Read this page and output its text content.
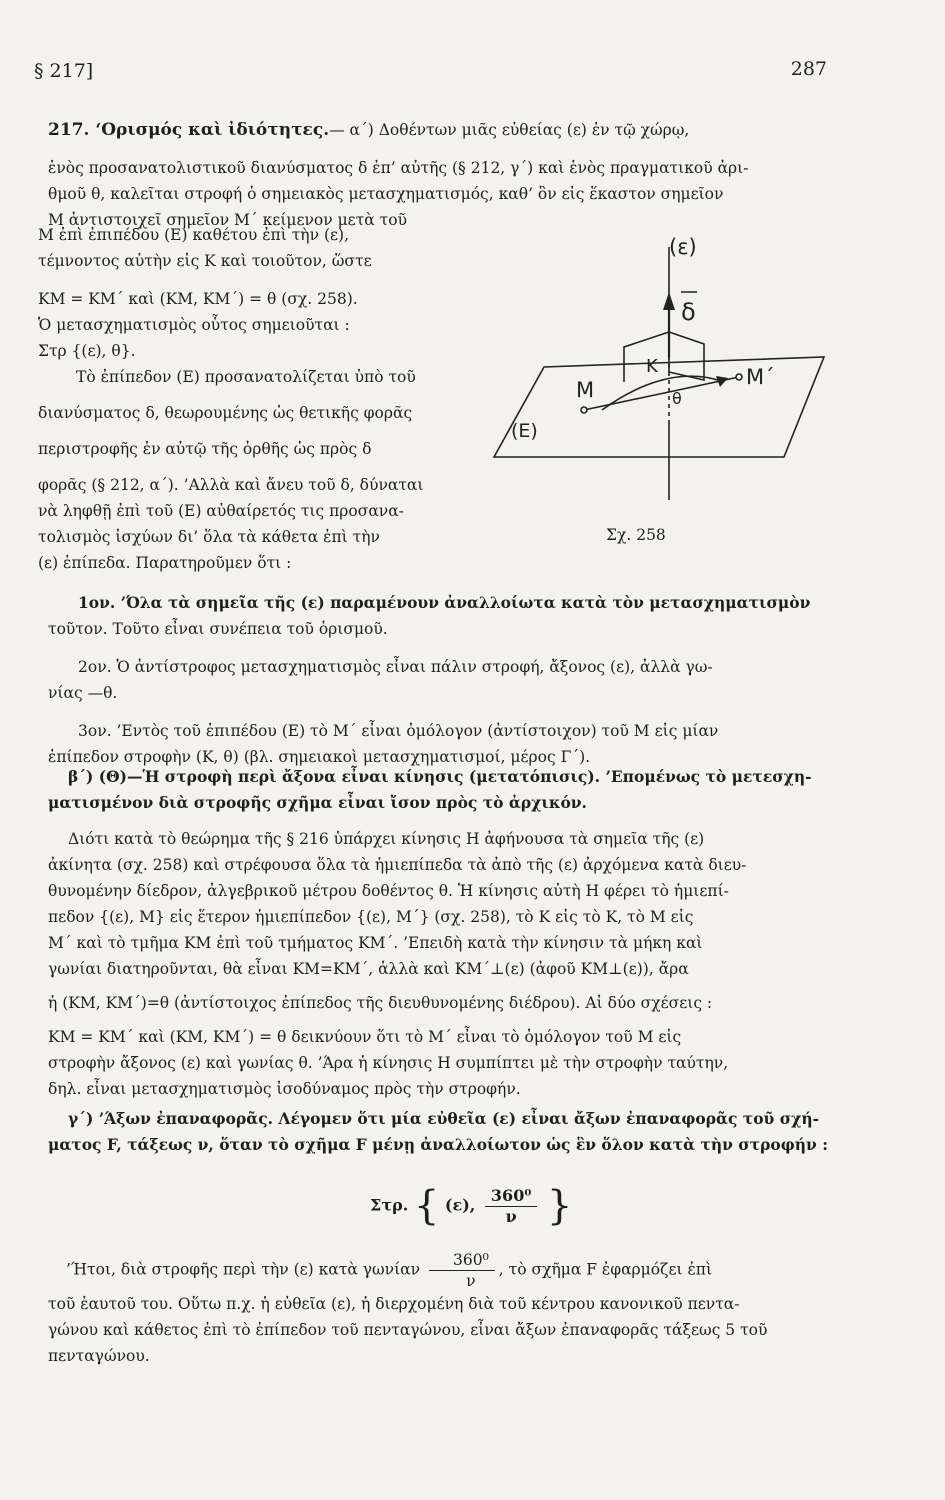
§ 217]	287

217. ‘Ορισμός καὶ ἰδιότητες.— α΄) Δοθέντων μιᾶς εὐθείας (ε) ἐν τῷ χώρῳ,

ἑνὸς προσανατολιστικοῦ διανύσματος δ ἐπ’ αὐτῆς (§ 212, γ΄) καὶ ἑνὸς πραγματικοῦ ἀρι-

θμοῦ θ, καλεῖται στροφή ὁ σημειακὸς μετασχηματισμός, καθ’ ὃν εἰς ἕκαστον σημεῖον

Μ ἀντιστοιχεῖ σημεῖον Μ΄ κείμενον μετὰ τοῦ

Μ ἐπὶ ἐπιπέδου (Ε) καθέτου ἐπὶ τὴν (ε),

τέμνοντος αὐτὴν εἰς Κ καὶ τοιοῦτον, ὥστε

ΚΜ = ΚΜ΄ καὶ (ΚΜ, ΚΜ΄) = θ (σχ. 258).

Ὁ μετασχηματισμὸς οὗτος σημειοῦται :

Στρ {(ε), θ}.

Τὸ ἐπίπεδον (Ε) προσανατολίζεται ὑπὸ τοῦ

διανύσματος δ, θεωρουμένης ὡς θετικῆς φορᾶς

περιστροφῆς ἐν αὐτῷ τῆς ὀρθῆς ὡς πρὸς δ

φορᾶς (§ 212, α΄). ’Αλλὰ καὶ ἄνευ τοῦ δ, δύναται

νὰ ληφθῇ ἐπὶ τοῦ (Ε) αὐθαίρετός τις προσανα-

τολισμὸς ἰσχύων δι’ ὅλα τὰ κάθετα ἐπὶ τὴν

(ε) ἐπίπεδα. Παρατηροῦμεν ὅτι :

(ε)
δ
(Ε)
Κ
Μ
Μ΄
θ
Σχ. 258

1ον. ’Όλα τὰ σημεῖα τῆς (ε) παραμένουν ἀναλλοίωτα κατὰ τὸν μετασχηματισμὸν

τοῦτον. Τοῦτο εἶναι συνέπεια τοῦ ὁρισμοῦ.

2ον. Ὁ ἀντίστροφος μετασχηματισμὸς εἶναι πάλιν στροφή, ἄξονος (ε), ἀλλὰ γω-

νίας —θ.

3ον. ’Εντὸς τοῦ ἐπιπέδου (Ε) τὸ Μ΄ εἶναι ὁμόλογον (ἀντίστοιχον) τοῦ Μ εἰς μίαν

ἐπίπεδον στροφὴν (Κ, θ) (βλ. σημειακοὶ μετασχηματισμοί, μέρος Γ΄).

β΄) (Θ)—Ἡ στροφὴ περὶ ἄξονα εἶναι κίνησις (μετατόπισις). ’Επομένως τὸ μετεσχη-

ματισμένον διὰ στροφῆς σχῆμα εἶναι ἴσον πρὸς τὸ ἀρχικόν.

Διότι κατὰ τὸ θεώρημα τῆς § 216 ὑπάρχει κίνησις Η ἀφήνουσα τὰ σημεῖα τῆς (ε)

ἀκίνητα (σχ. 258) καὶ στρέφουσα ὅλα τὰ ἡμιεπίπεδα τὰ ἀπὸ τῆς (ε) ἀρχόμενα κατὰ διευ-

θυνομένην δίεδρον, ἀλγεβρικοῦ μέτρου δοθέντος θ. Ἡ κίνησις αὐτὴ Η φέρει τὸ ἡμιεπί-

πεδον {(ε), Μ} εἰς ἕτερον ἡμιεπίπεδον {(ε), Μ΄} (σχ. 258), τὸ Κ εἰς τὸ Κ, τὸ Μ εἰς

Μ΄ καὶ τὸ τμῆμα ΚΜ ἐπὶ τοῦ τμήματος ΚΜ΄. ’Επειδὴ κατὰ τὴν κίνησιν τὰ μήκη καὶ

γωνίαι διατηροῦνται, θὰ εἶναι ΚΜ=ΚΜ΄, ἀλλὰ καὶ ΚΜ΄⊥(ε) (ἀφοῦ ΚΜ⊥(ε)), ἄρα

ἡ (ΚΜ, ΚΜ΄)=θ (ἀντίστοιχος ἐπίπεδος τῆς διευθυνομένης διέδρου). Αἱ δύο σχέσεις :

ΚΜ = ΚΜ΄ καὶ (ΚΜ, ΚΜ΄) = θ δεικνύουν ὅτι τὸ Μ΄ εἶναι τὸ ὁμόλογον τοῦ Μ εἰς

στροφὴν ἄξονος (ε) καὶ γωνίας θ. ’Άρα ἡ κίνησις Η συμπίπτει μὲ τὴν στροφὴν ταύτην,

δηλ. εἶναι μετασχηματισμὸς ἰσοδύναμος πρὸς τὴν στροφήν.

γ΄) ’Άξων ἐπαναφορᾶς. Λέγομεν ὅτι μία εὐθεῖα (ε) εἶναι ἄξων ἐπαναφορᾶς τοῦ σχή-

ματος F, τάξεως ν, ὅταν τὸ σχῆμα F μένῃ ἀναλλοίωτον ὡς ἓν ὅλον κατὰ τὴν στροφήν :

Στρ. { (ε), $\frac{\text{360⁰}}{\nu}$ }

’Ήτοι, διὰ στροφῆς περὶ τὴν (ε) κατὰ γωνίαν $\frac{\text{360⁰}}{\nu}$ , τὸ σχῆμα F ἐφαρμόζει ἐπὶ

τοῦ ἑαυτοῦ του. Οὕτω π.χ. ἡ εὐθεῖα (ε), ἡ διερχομένη διὰ τοῦ κέντρου κανονικοῦ πεντα-

γώνου καὶ κάθετος ἐπὶ τὸ ἐπίπεδον τοῦ πενταγώνου, εἶναι ἄξων ἐπαναφορᾶς τάξεως 5 τοῦ

πενταγώνου.
